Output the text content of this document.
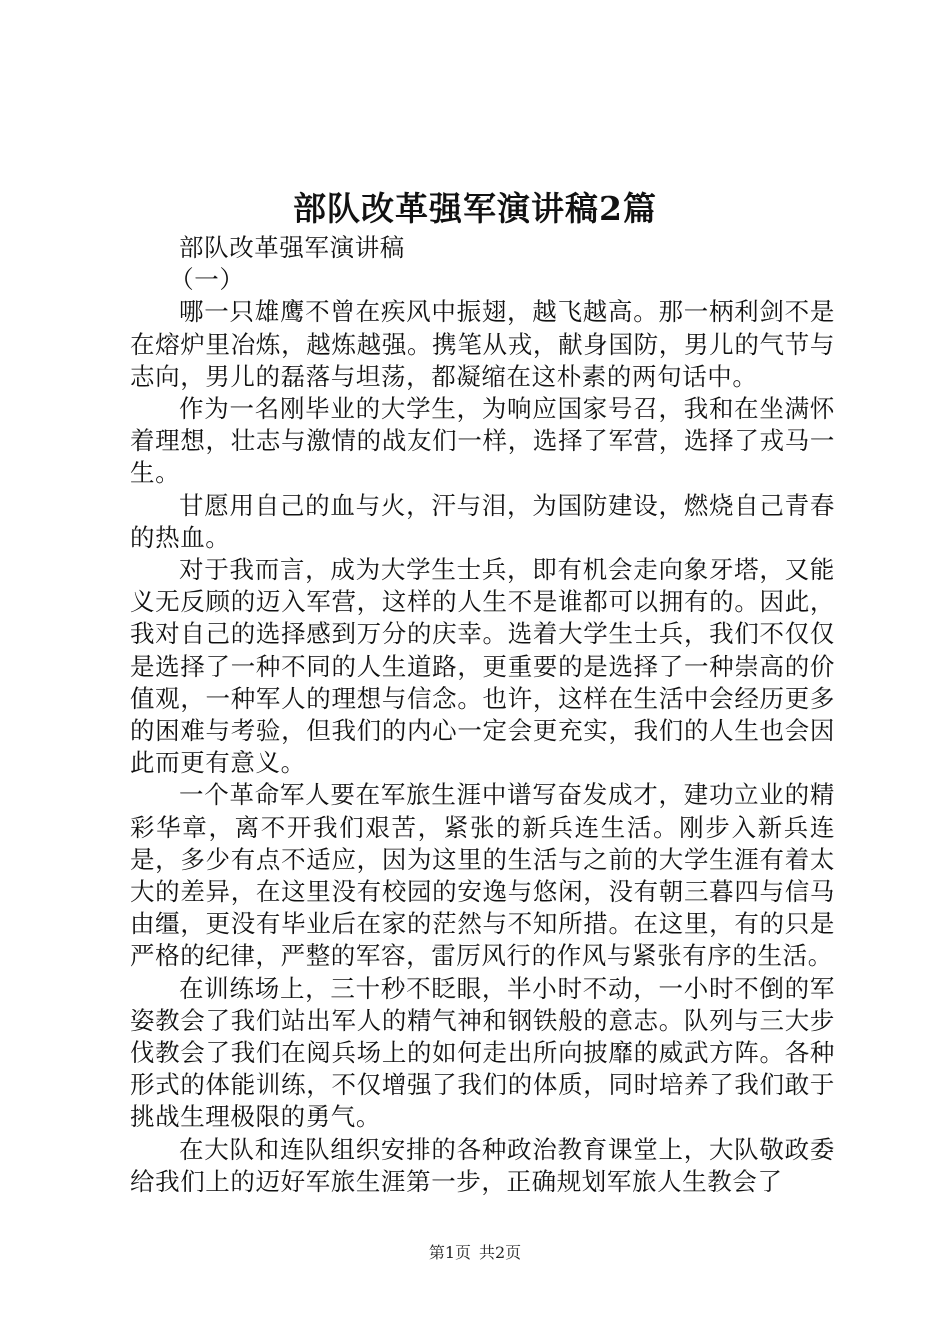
部队改革强军演讲稿2篇

部队改革强军演讲稿

（一）

哪一只雄鹰不曾在疾风中振翅，越飞越高。那一柄利剑不是在熔炉里冶炼，越炼越强。携笔从戎，献身国防，男儿的气节与志向，男儿的磊落与坦荡，都凝缩在这朴素的两句话中。

作为一名刚毕业的大学生，为响应国家号召，我和在坐满怀着理想，壮志与激情的战友们一样，选择了军营，选择了戎马一生。

甘愿用自己的血与火，汗与泪，为国防建设，燃烧自己青春的热血。

对于我而言，成为大学生士兵，即有机会走向象牙塔，又能义无反顾的迈入军营，这样的人生不是谁都可以拥有的。因此，我对自己的选择感到万分的庆幸。选着大学生士兵，我们不仅仅是选择了一种不同的人生道路，更重要的是选择了一种崇高的价值观，一种军人的理想与信念。也许，这样在生活中会经历更多的困难与考验，但我们的内心一定会更充实，我们的人生也会因此而更有意义。

一个革命军人要在军旅生涯中谱写奋发成才，建功立业的精彩华章，离不开我们艰苦，紧张的新兵连生活。刚步入新兵连是，多少有点不适应，因为这里的生活与之前的大学生涯有着太大的差异，在这里没有校园的安逸与悠闲，没有朝三暮四与信马由缰，更没有毕业后在家的茫然与不知所措。在这里，有的只是严格的纪律，严整的军容，雷厉风行的作风与紧张有序的生活。

在训练场上，三十秒不眨眼，半小时不动，一小时不倒的军姿教会了我们站出军人的精气神和钢铁般的意志。队列与三大步伐教会了我们在阅兵场上的如何走出所向披靡的威武方阵。各种形式的体能训练，不仅增强了我们的体质，同时培养了我们敢于挑战生理极限的勇气。

在大队和连队组织安排的各种政治教育课堂上，大队敬政委给我们上的迈好军旅生涯第一步，正确规划军旅人生教会了

第1页 共2页
